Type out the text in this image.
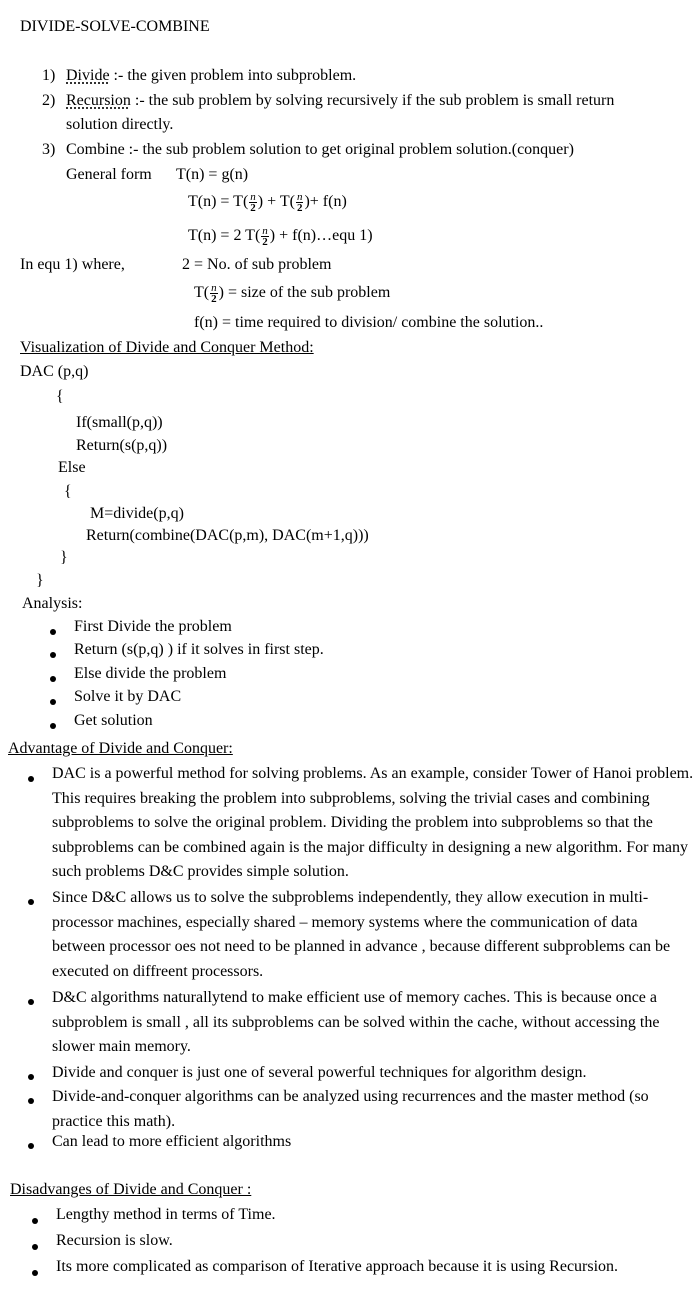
DIVIDE-SOLVE-COMBINE
1) Divide :- the given problem into subproblem.
2) Recursion :- the sub problem by solving recursively if the sub problem is small return
solution directly.
3) Combine :- the sub problem solution to get original problem solution.(conquer)
General form T(n) = g(n)
$T(n) = T( \frac{n}{2}$ ) + $T( \frac{n}{2}$ )+ f(n)
T(n) = 2 $T( \frac{n}{2}$ ) + f(n)…equ 1)
In equ 1) where,	2 = No. of sub problem
$T( \frac{n}{2}$ ) = size of the sub problem
f(n) = time required to division/ combine the solution..
Visualization of Divide and Conquer Method:
DAC (p,q)
{
If(small(p,q))
Return(s(p,q))
Else
{
M=divide(p,q)
Return(combine(DAC(p,m), DAC(m+1,q)))
}
}
Analysis:
First Divide the problem
Return (s(p,q) ) if it solves in first step.
Else divide the problem
Solve it by DAC
Get solution
Advantage of Divide and Conquer:
DAC is a powerful method for solving problems. As an example, consider Tower of Hanoi problem. This requires breaking the problem into subproblems, solving the trivial cases and combining subproblems to solve the original problem. Dividing the problem into subproblems so that the subproblems can be combined again is the major difficulty in designing a new algorithm. For many such problems D&C provides simple solution.
Since D&C allows us to solve the subproblems independently, they allow execution in multi-processor machines, especially shared – memory systems where the communication of data between processor oes not need to be planned in advance , because different subproblems can be executed on diffreent processors.
D&C algorithms naturallytend to make efficient use of memory caches. This is because once a subproblem is small , all its subproblems can be solved within the cache, without accessing the slower main memory.
Divide and conquer is just one of several powerful techniques for algorithm design.
Divide-and-conquer algorithms can be analyzed using recurrences and the master method (so practice this math).
Can lead to more efficient algorithms
Disadvanges of Divide and Conquer :
Lengthy method in terms of Time.
Recursion is slow.
Its more complicated as comparison of Iterative approach because it is using Recursion.
